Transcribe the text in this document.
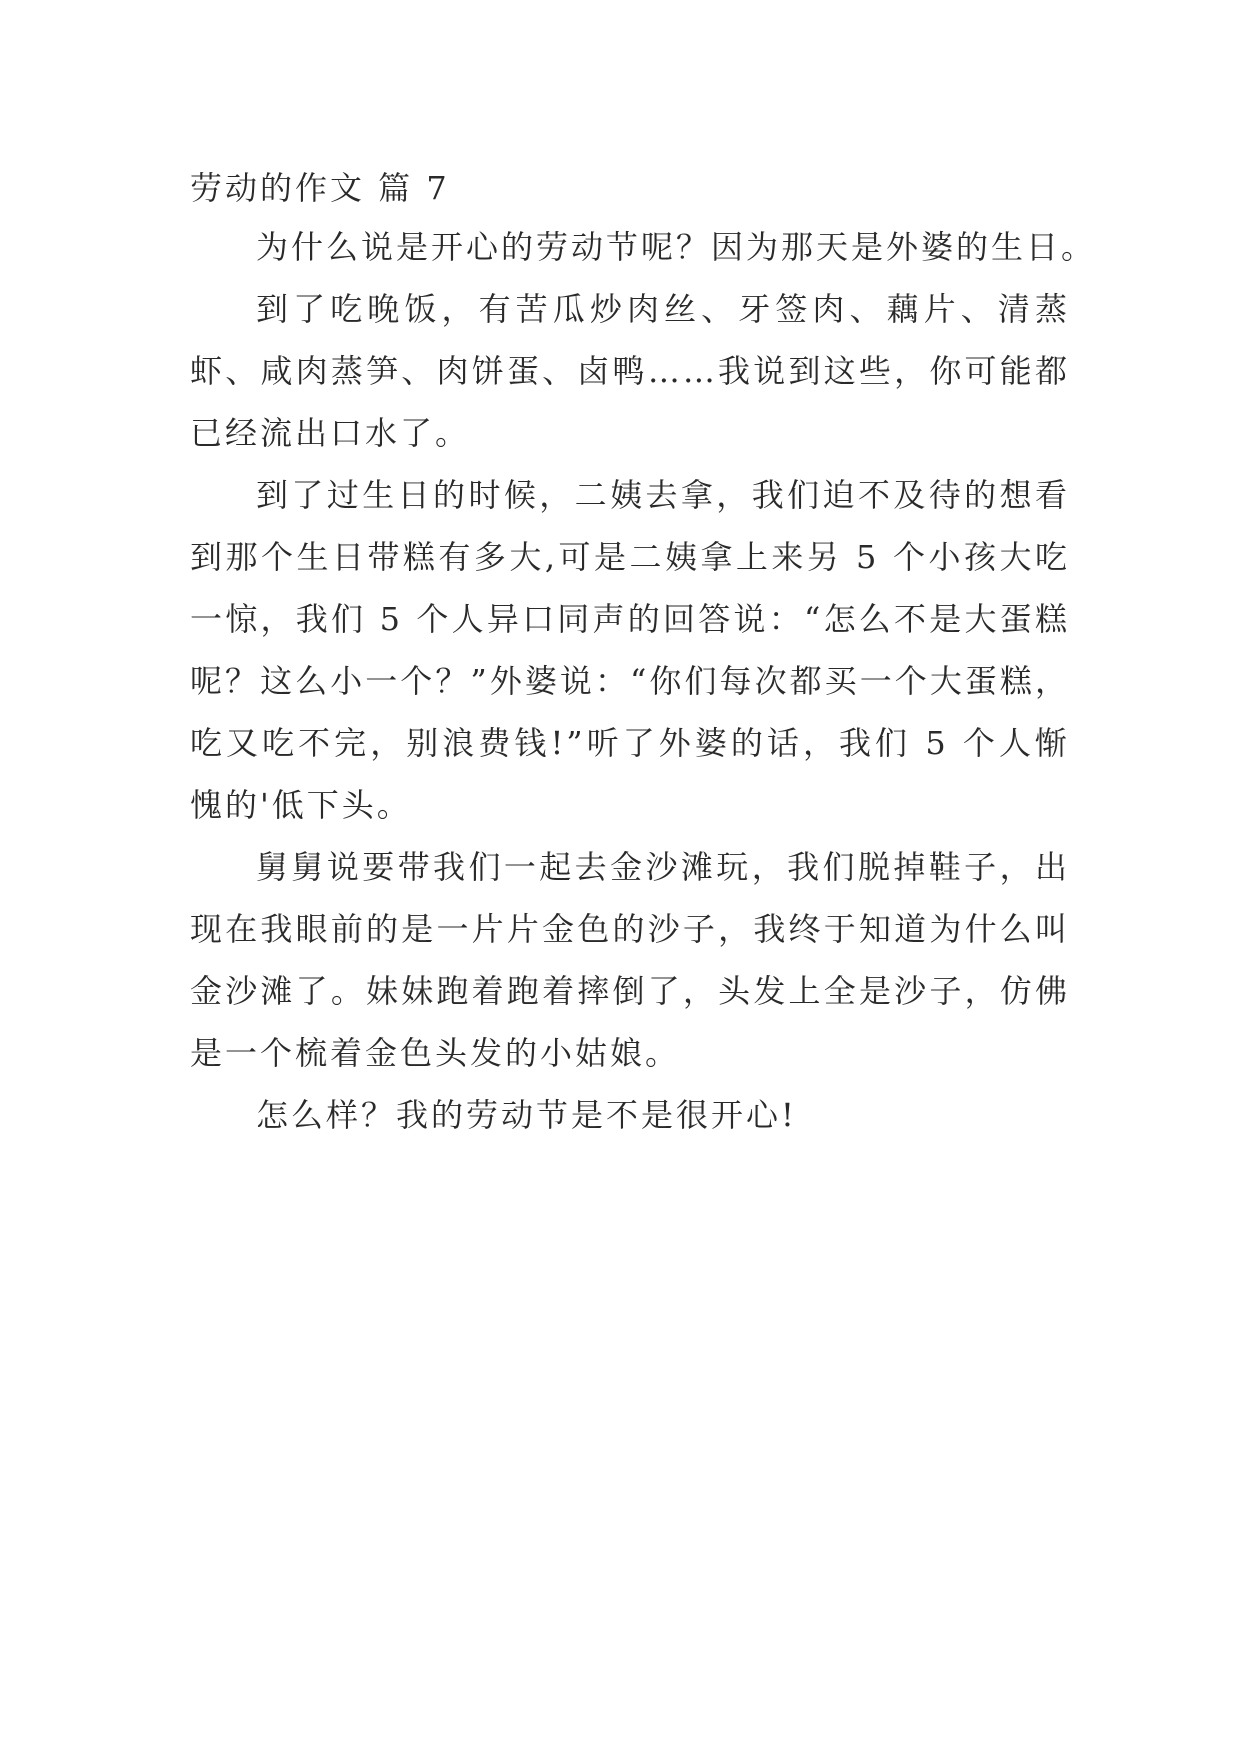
劳动的作文 篇 7

为什么说是开心的劳动节呢？因为那天是外婆的生日。

到了吃晚饭，有苦瓜炒肉丝、牙签肉、藕片、清蒸虾、咸肉蒸笋、肉饼蛋、卤鸭……我说到这些，你可能都已经流出口水了。

到了过生日的时候，二姨去拿，我们迫不及待的想看到那个生日带糕有多大,可是二姨拿上来另 5 个小孩大吃一惊，我们 5 个人异口同声的回答说：“怎么不是大蛋糕呢？这么小一个？”外婆说：“你们每次都买一个大蛋糕，吃又吃不完，别浪费钱!”听了外婆的话，我们 5 个人惭愧的'低下头。

舅舅说要带我们一起去金沙滩玩，我们脱掉鞋子，出现在我眼前的是一片片金色的沙子，我终于知道为什么叫金沙滩了。妹妹跑着跑着摔倒了，头发上全是沙子，仿佛是一个梳着金色头发的小姑娘。

怎么样？我的劳动节是不是很开心!
